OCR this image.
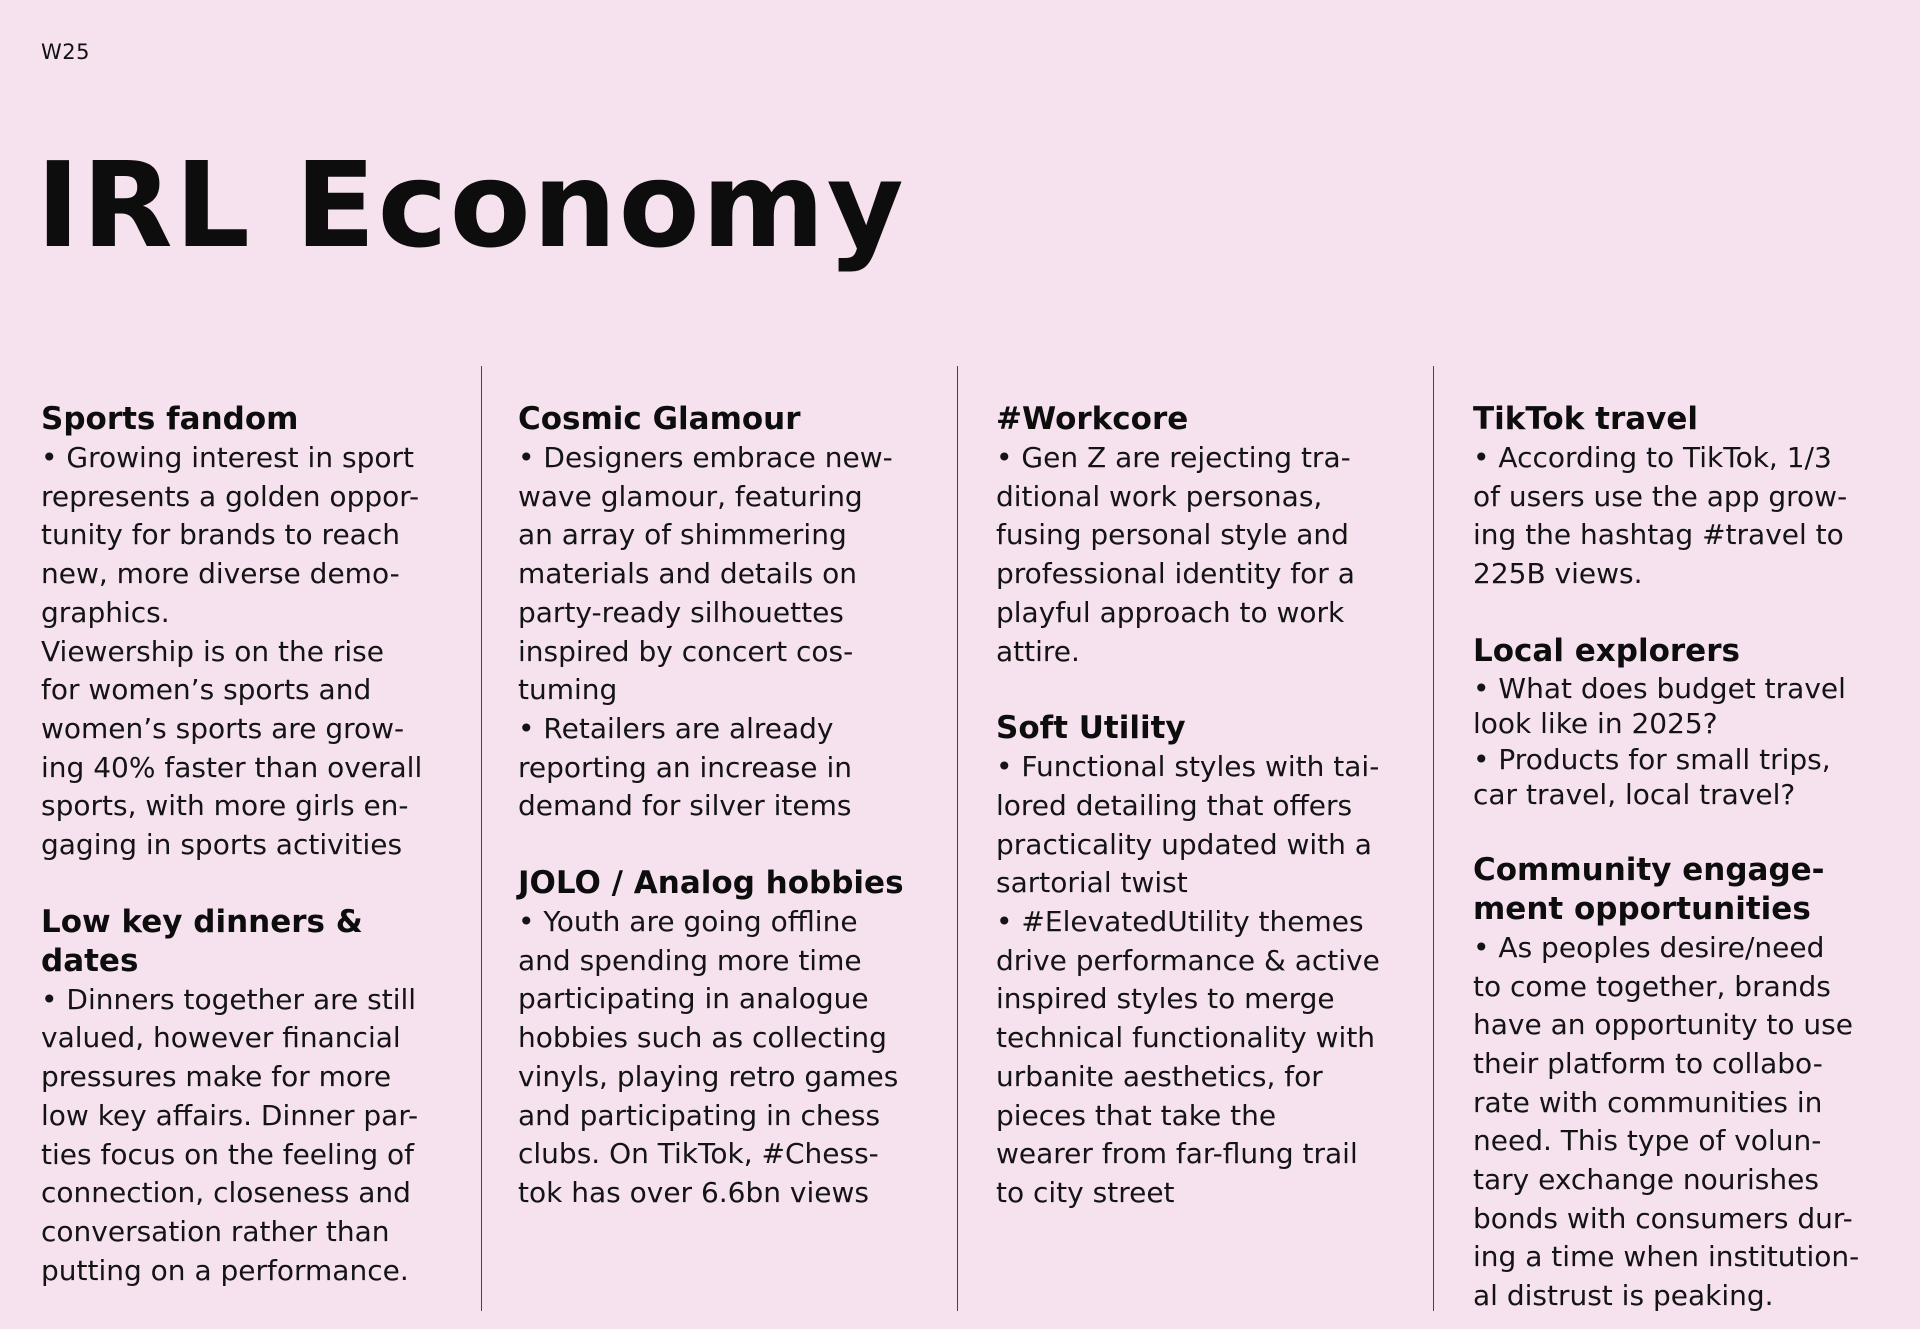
W25
IRL Economy
Sports fandom

• Growing interest in sport
represents a golden oppor-
tunity for brands to reach
new, more diverse demo-
graphics.
Viewership is on the rise
for women’s sports and
women’s sports are grow-
ing 40% faster than overall
sports, with more girls en-
gaging in sports activities

Low key dinners &
dates

• Dinners together are still
valued, however financial
pressures make for more
low key affairs. Dinner par-
ties focus on the feeling of
connection, closeness and
conversation rather than
putting on a performance.

Cosmic Glamour

• Designers embrace new-
wave glamour, featuring
an array of shimmering
materials and details on
party-ready silhouettes
inspired by concert cos-
tuming
• Retailers are already
reporting an increase in
demand for silver items

JOLO / Analog hobbies

• Youth are going offline
and spending more time
participating in analogue
hobbies such as collecting
vinyls, playing retro games
and participating in chess
clubs. On TikTok, #Chess-
tok has over 6.6bn views

#Workcore

• Gen Z are rejecting tra-
ditional work personas,
fusing personal style and
professional identity for a
playful approach to work
attire.

Soft Utility

• Functional styles with tai-
lored detailing that offers
practicality updated with a
sartorial twist
• #ElevatedUtility themes
drive performance & active
inspired styles to merge
technical functionality with
urbanite aesthetics, for
pieces that take the
wearer from far-flung trail
to city street

TikTok travel

• According to TikTok, 1/3
of users use the app grow-
ing the hashtag #travel to
225B views.

Local explorers

• What does budget travel
look like in 2025?
• Products for small trips,
car travel, local travel?

Community engage-
ment opportunities

• As peoples desire/need
to come together, brands
have an opportunity to use
their platform to collabo-
rate with communities in
need. This type of volun-
tary exchange nourishes
bonds with consumers dur-
ing a time when institution-
al distrust is peaking.
